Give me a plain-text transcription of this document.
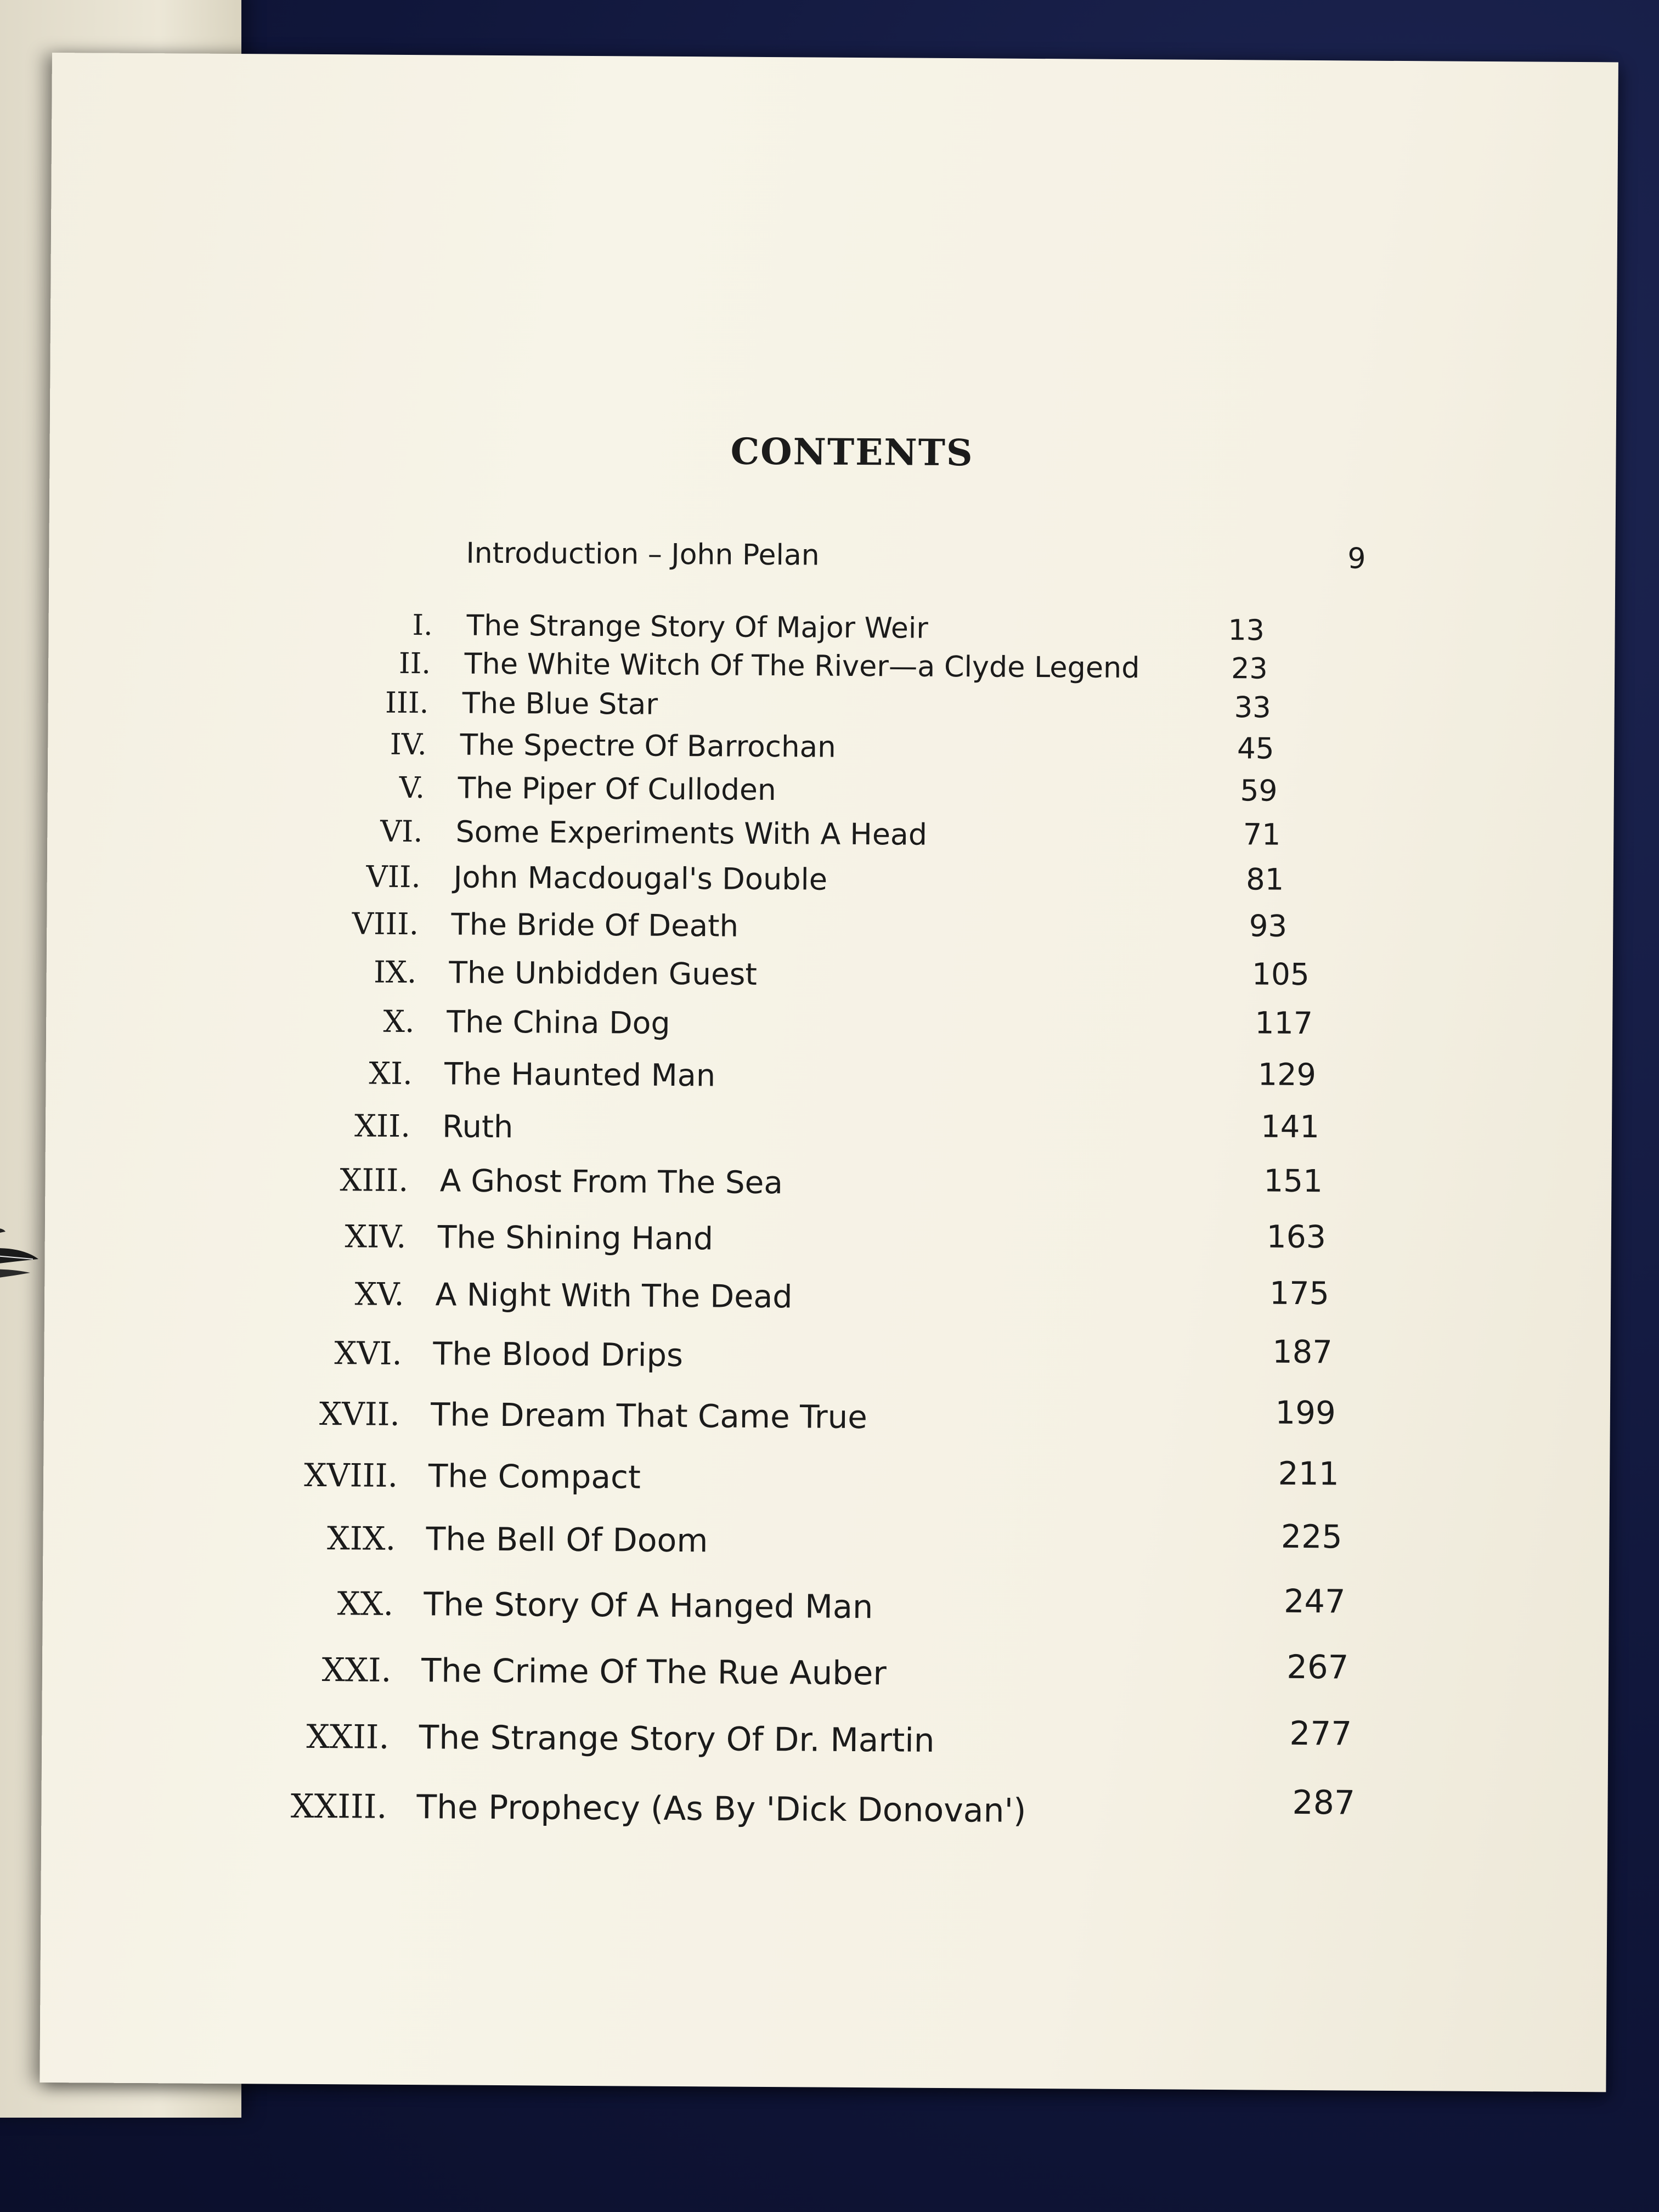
CONTENTS
Introduction – John Pelan	9
I. The Strange Story Of Major Weir	13
II. The White Witch Of The River—a Clyde Legend	23
III. The Blue Star	33
IV. The Spectre Of Barrochan	45
V. The Piper Of Culloden	59
VI. Some Experiments With A Head	71
VII. John Macdougal's Double	81
VIII. The Bride Of Death	93
IX. The Unbidden Guest	105
X. The China Dog	117
XI. The Haunted Man	129
XII. Ruth	141
XIII. A Ghost From The Sea	151
XIV. The Shining Hand	163
XV. A Night With The Dead	175
XVI. The Blood Drips	187
XVII. The Dream That Came True	199
XVIII. The Compact	211
XIX. The Bell Of Doom	225
XX. The Story Of A Hanged Man	247
XXI. The Crime Of The Rue Auber	267
XXII. The Strange Story Of Dr. Martin	277
XXIII. The Prophecy (As By 'Dick Donovan')	287
